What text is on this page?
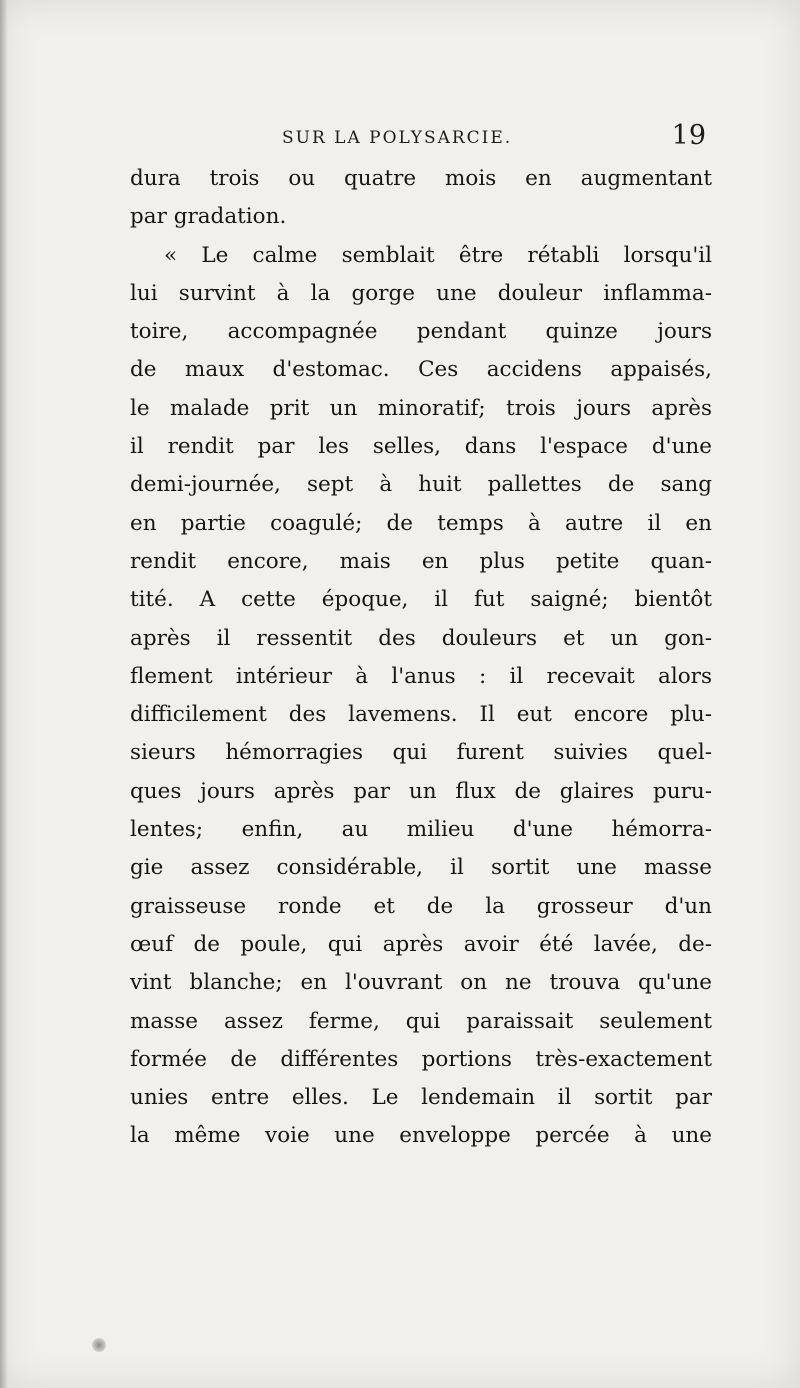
SUR LA POLYSARCIE.	19
dura trois ou quatre mois en augmentant
par gradation.
« Le calme semblait être rétabli lorsqu'il
lui survint à la gorge une douleur inflamma-
toire, accompagnée pendant quinze jours
de maux d'estomac. Ces accidens appaisés,
le malade prit un minoratif; trois jours après
il rendit par les selles, dans l'espace d'une
demi-journée, sept à huit pallettes de sang
en partie coagulé; de temps à autre il en
rendit encore, mais en plus petite quan-
tité. A cette époque, il fut saigné; bientôt
après il ressentit des douleurs et un gon-
flement intérieur à l'anus : il recevait alors
difficilement des lavemens. Il eut encore plu-
sieurs hémorragies qui furent suivies quel-
ques jours après par un flux de glaires puru-
lentes; enfin, au milieu d'une hémorra-
gie assez considérable, il sortit une masse
graisseuse ronde et de la grosseur d'un
œuf de poule, qui après avoir été lavée, de-
vint blanche; en l'ouvrant on ne trouva qu'une
masse assez ferme, qui paraissait seulement
formée de différentes portions très-exactement
unies entre elles. Le lendemain il sortit par
la même voie une enveloppe percée à une
